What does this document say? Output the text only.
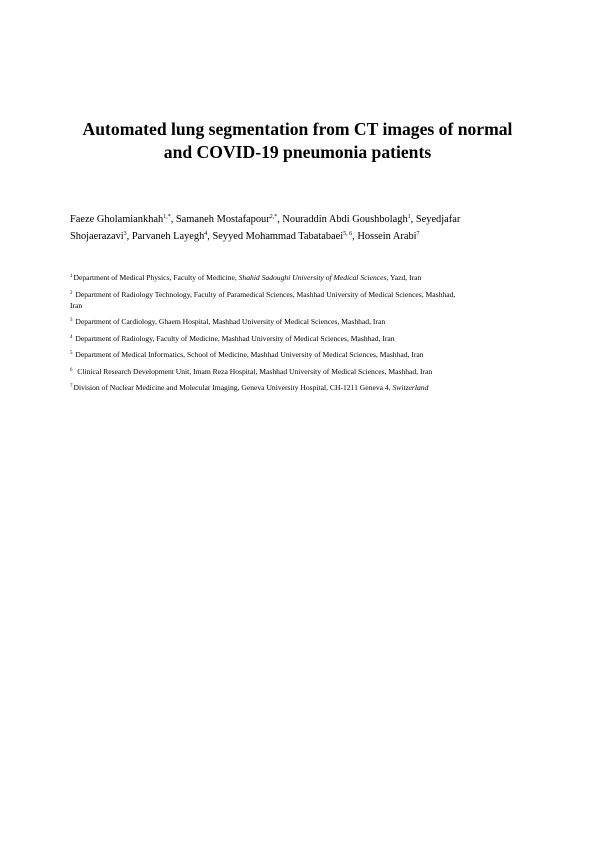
Automated lung segmentation from CT images of normal
and COVID-19 pneumonia patients
Faeze Gholamiankhah$^{1,*}$, Samaneh Mostafapour$^{2,*}$, Nouraddin Abdi Goushbolagh$^1$, Seyedjafar
Shojaerazavi$^3$, Parvaneh Layegh$^4$, Seyyed Mohammad Tabatabaei$^{5, 6}$, Hossein Arabi$^7$
$^1$Department of Medical Physics, Faculty of Medicine, Shahid Sadoughi University of Medical Sciences, Yazd, Iran
$^2$ Department of Radiology Technology, Faculty of Paramedical Sciences, Mashhad University of Medical Sciences, Mashhad,
Iran
$^3$ Department of Cardiology, Ghaem Hospital, Mashhad University of Medical Sciences, Mashhad, Iran
$^4$ Department of Radiology, Faculty of Medicine, Mashhad University of Medical Sciences, Mashhad, Iran
$^5$ Department of Medical Informatics, School of Medicine, Mashhad University of Medical Sciences, Mashhad, Iran
$^6$  Clinical Research Development Unit, Imam Reza Hospital, Mashhad University of Medical Sciences, Mashhad, Iran
$^7$Division of Nuclear Medicine and Molecular Imaging, Geneva University Hospital, CH-1211 Geneva 4, Switzerland
